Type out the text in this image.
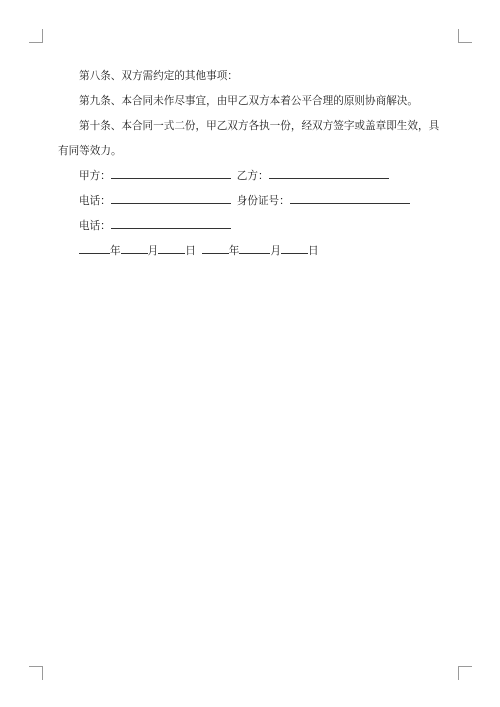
第八条、双方需约定的其他事项：

第九条、本合同未作尽事宜，由甲乙双方本着公平合理的原则协商解决。

第十条、本合同一式二份，甲乙双方各执一份，经双方签字或盖章即生效，具有同等效力。

甲方：	乙方：
电话：	身份证号：
电话：
年	月	日	年	月	日
